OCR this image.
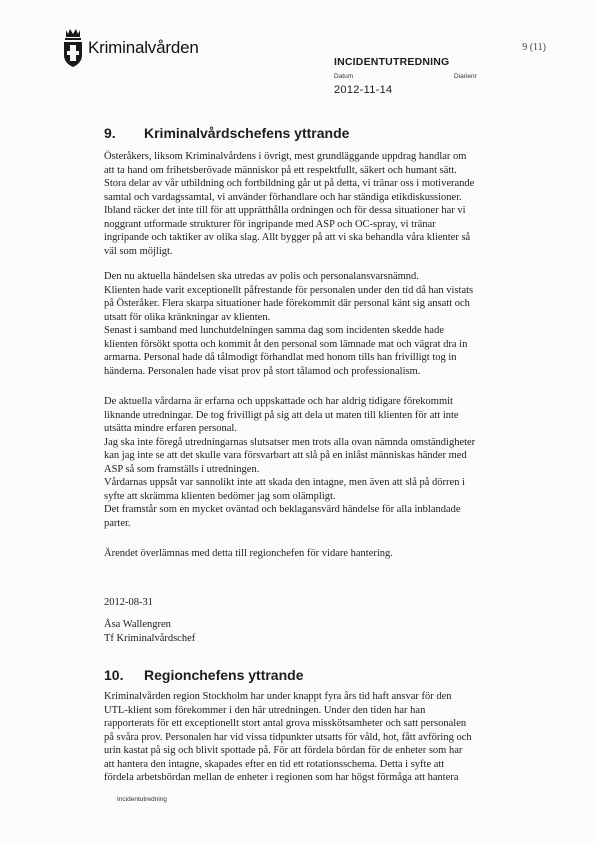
Kriminalvården	9 (11)
INCIDENTUTREDNING
Datum	Diarienr
2012-11-14
9. Kriminalvårdschefens yttrande
Österåkers, liksom Kriminalvårdens i övrigt, mest grundläggande uppdrag handlar om
att ta hand om frihetsberövade människor på ett respektfullt, säkert och humant sätt.
Stora delar av vår utbildning och fortbildning går ut på detta, vi tränar oss i motiverande
samtal och vardagssamtal, vi använder förhandlare och har ständiga etikdiskussioner.
Ibland räcker det inte till för att upprätthålla ordningen och för dessa situationer har vi
noggrant utformade strukturer för ingripande med ASP och OC-spray, vi tränar
ingripande och taktiker av olika slag. Allt bygger på att vi ska behandla våra klienter så
väl som möjligt.
Den nu aktuella händelsen ska utredas av polis och personalansvarsnämnd.
Klienten hade varit exceptionellt påfrestande för personalen under den tid då han vistats
på Österåker. Flera skarpa situationer hade förekommit där personal känt sig ansatt och
utsatt för olika kränkningar av klienten.
Senast i samband med lunchutdelningen samma dag som incidenten skedde hade
klienten försökt spotta och kommit åt den personal som lämnade mat och vägrat dra in
armarna. Personal hade då tålmodigt förhandlat med honom tills han frivilligt tog in
händerna. Personalen hade visat prov på stort tålamod och professionalism.
De aktuella vårdarna är erfarna och uppskattade och har aldrig tidigare förekommit
liknande utredningar. De tog frivilligt på sig att dela ut maten till klienten för att inte
utsätta mindre erfaren personal.
Jag ska inte föregå utredningarnas slutsatser men trots alla ovan nämnda omständigheter
kan jag inte se att det skulle vara försvarbart att slå på en inlåst människas händer med
ASP så som framställs i utredningen.
Vårdarnas uppsåt var sannolikt inte att skada den intagne, men även att slå på dörren i
syfte att skrämma klienten bedömer jag som olämpligt.
Det framstår som en mycket oväntad och beklagansvärd händelse för alla inblandade
parter.
Ärendet överlämnas med detta till regionchefen för vidare hantering.
2012-08-31
Åsa Wallengren
Tf Kriminalvårdschef
10. Regionchefens yttrande
Kriminalvården region Stockholm har under knappt fyra års tid haft ansvar för den
UTL-klient som förekommer i den här utredningen. Under den tiden har han
rapporterats för ett exceptionellt stort antal grova misskötsamheter och satt personalen
på svåra prov. Personalen har vid vissa tidpunkter utsatts för våld, hot, fått avföring och
urin kastat på sig och blivit spottade på. För att fördela bördan för de enheter som har
att hantera den intagne, skapades efter en tid ett rotationsschema. Detta i syfte att
fördela arbetsbördan mellan de enheter i regionen som har högst förmåga att hantera
Incidentutredning
